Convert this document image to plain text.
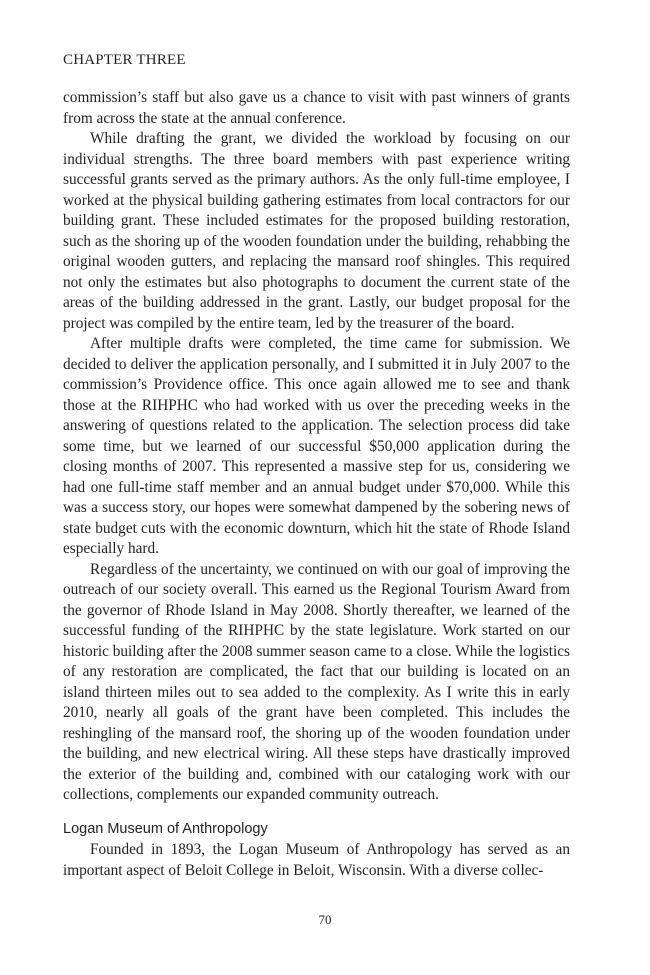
CHAPTER THREE

commission’s staff but also gave us a chance to visit with past winners of grants from across the state at the annual conference.

While drafting the grant, we divided the workload by focusing on our individual strengths. The three board members with past experience writing successful grants served as the primary authors. As the only full-time employee, I worked at the physical building gathering estimates from local contractors for our building grant. These included estimates for the proposed building restoration, such as the shoring up of the wooden foundation under the building, rehabbing the original wooden gutters, and replacing the mansard roof shingles. This required not only the estimates but also photographs to document the current state of the areas of the building addressed in the grant. Lastly, our budget proposal for the project was compiled by the entire team, led by the treasurer of the board.

After multiple drafts were completed, the time came for submission. We decided to deliver the application personally, and I submitted it in July 2007 to the commission’s Providence office. This once again allowed me to see and thank those at the RIHPHC who had worked with us over the preceding weeks in the answering of questions related to the application. The selection process did take some time, but we learned of our successful $50,000 application during the closing months of 2007. This represented a massive step for us, considering we had one full-time staff member and an annual budget under $70,000. While this was a success story, our hopes were somewhat dampened by the sobering news of state budget cuts with the economic downturn, which hit the state of Rhode Island especially hard.

Regardless of the uncertainty, we continued on with our goal of improving the outreach of our society overall. This earned us the Regional Tourism Award from the governor of Rhode Island in May 2008. Shortly thereafter, we learned of the successful funding of the RIHPHC by the state legislature. Work started on our historic building after the 2008 summer season came to a close. While the logistics of any restoration are complicated, the fact that our building is located on an island thirteen miles out to sea added to the complexity. As I write this in early 2010, nearly all goals of the grant have been completed. This includes the reshingling of the mansard roof, the shoring up of the wooden foundation under the building, and new electrical wiring. All these steps have drastically improved the exterior of the building and, combined with our cataloging work with our collections, complements our expanded community outreach.

Logan Museum of Anthropology

Founded in 1893, the Logan Museum of Anthropology has served as an important aspect of Beloit College in Beloit, Wisconsin. With a diverse collec-

70
